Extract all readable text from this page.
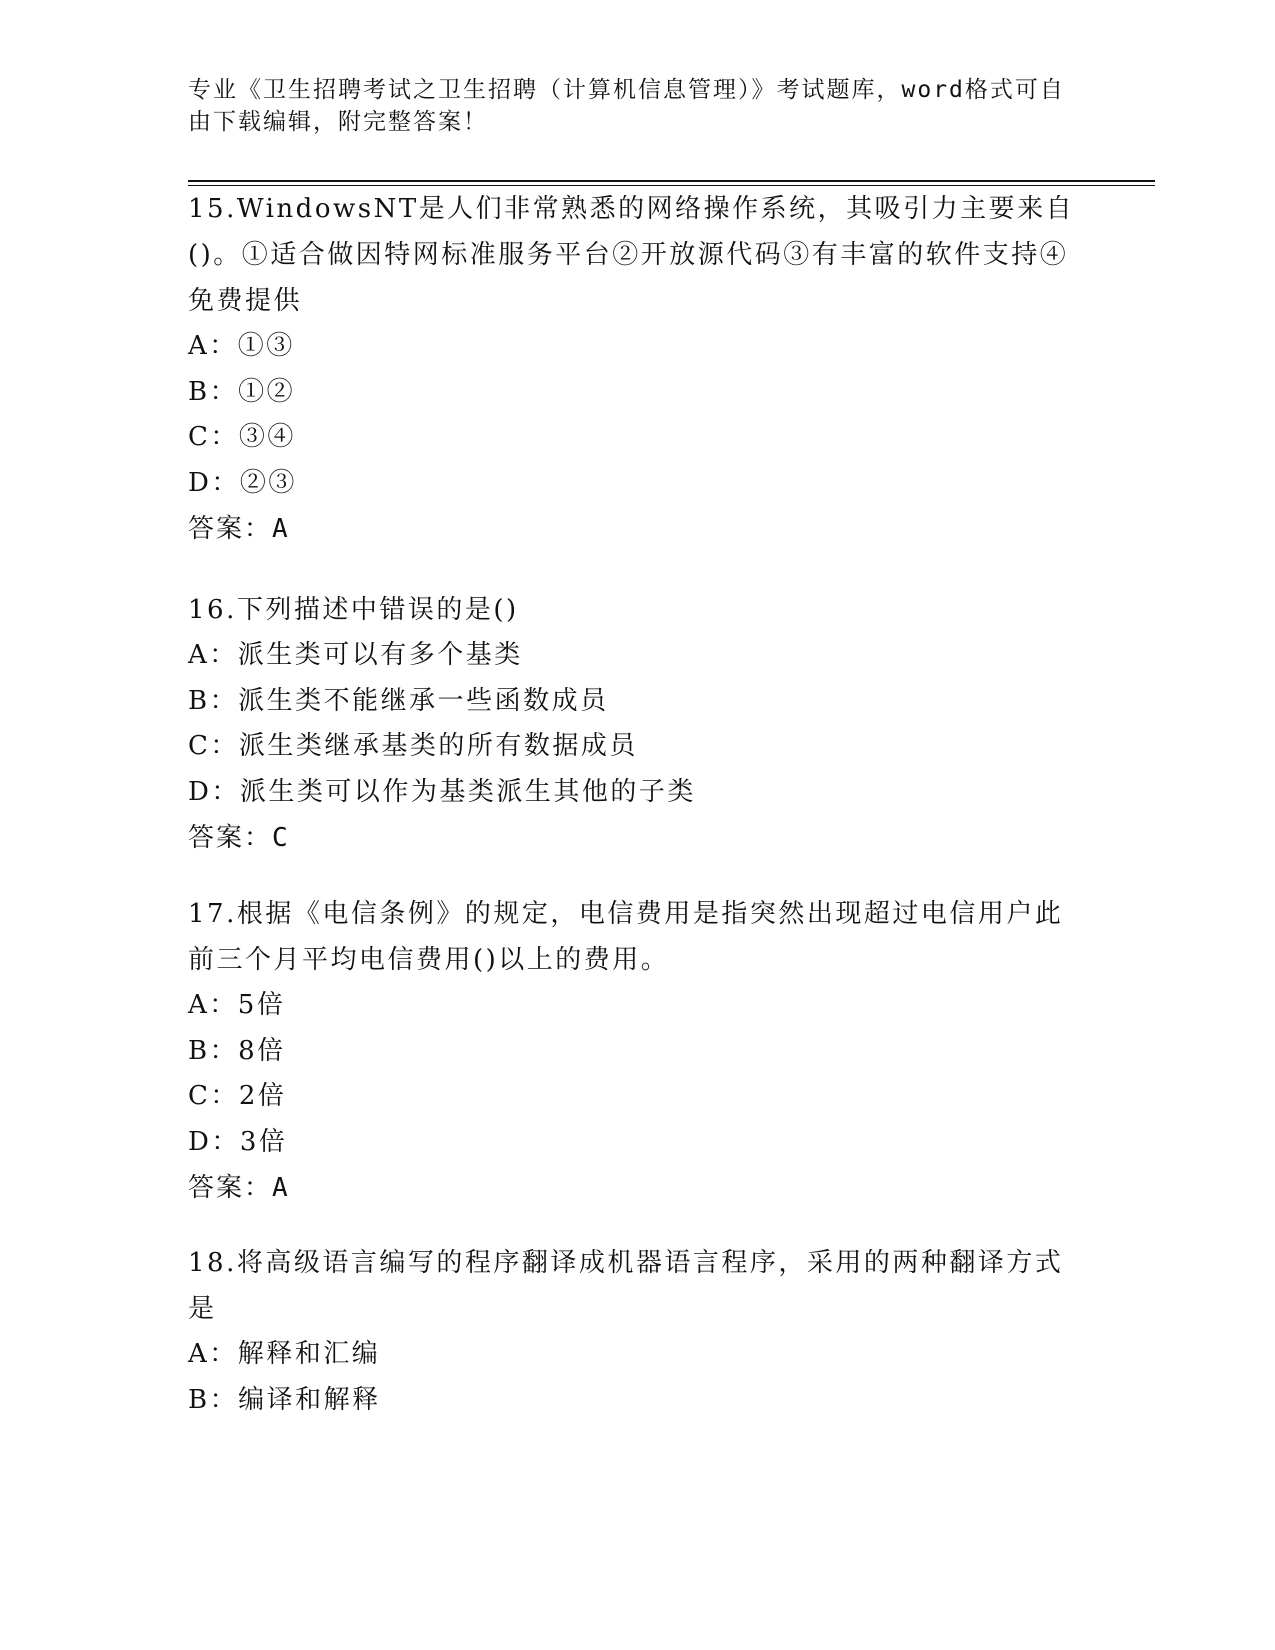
专业《卫生招聘考试之卫生招聘（计算机信息管理）》考试题库，word格式可自由下载编辑，附完整答案！

15.WindowsNT是人们非常熟悉的网络操作系统，其吸引力主要来自()。①适合做因特网标准服务平台②开放源代码③有丰富的软件支持④免费提供

A：①③

B：①②

C：③④

D：②③

答案：A

16.下列描述中错误的是()

A：派生类可以有多个基类

B：派生类不能继承一些函数成员

C：派生类继承基类的所有数据成员

D：派生类可以作为基类派生其他的子类

答案：C

17.根据《电信条例》的规定，电信费用是指突然出现超过电信用户此前三个月平均电信费用()以上的费用。

A：5倍

B：8倍

C：2倍

D：3倍

答案：A

18.将高级语言编写的程序翻译成机器语言程序，采用的两种翻译方式是

A：解释和汇编

B：编译和解释
